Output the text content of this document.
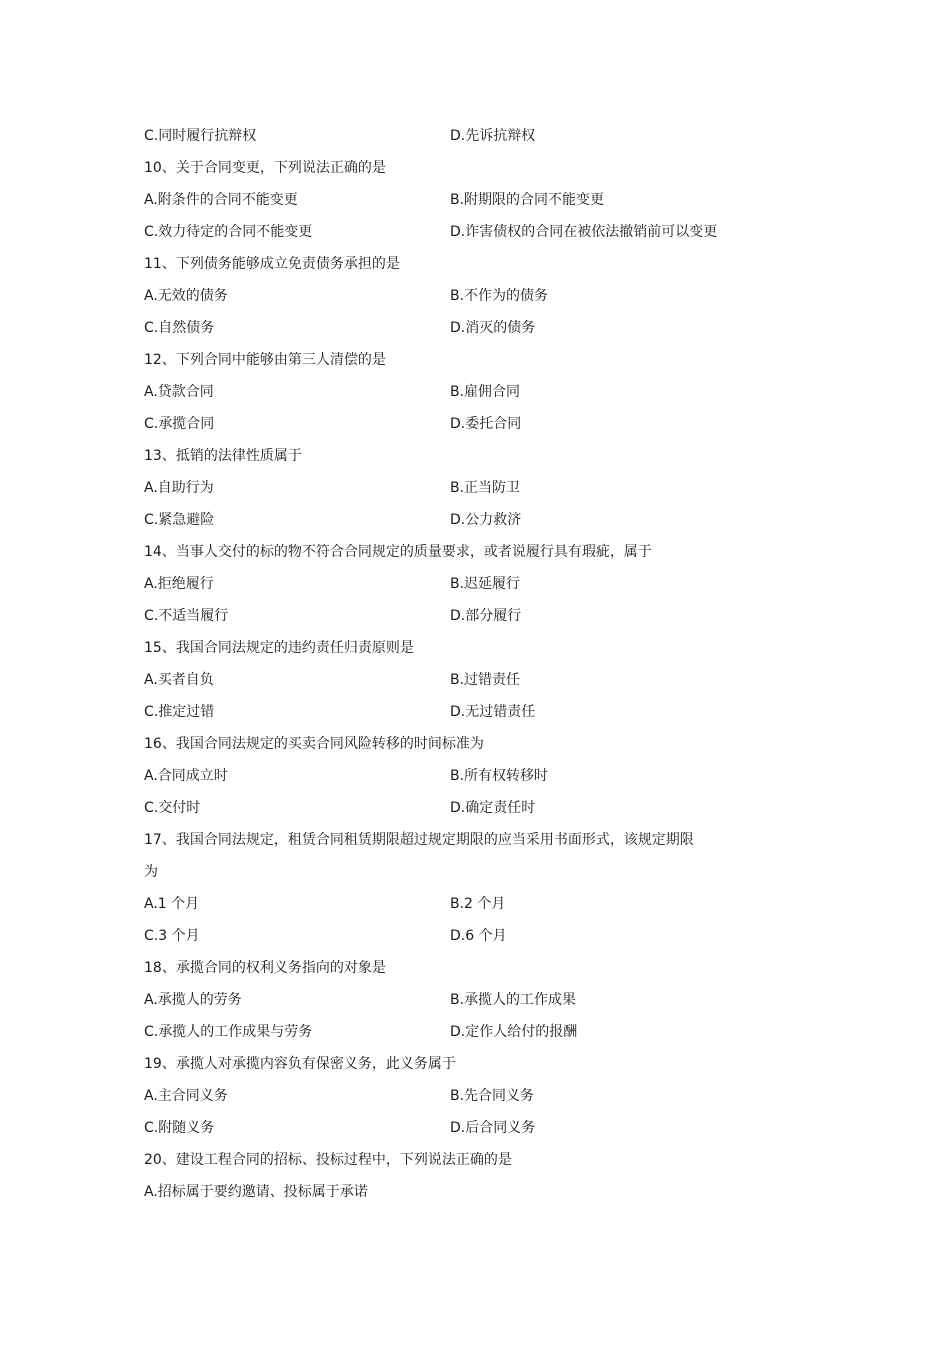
C.同时履行抗辩权	D.先诉抗辩权
10、关于合同变更，下列说法正确的是
A.附条件的合同不能变更	B.附期限的合同不能变更
C.效力待定的合同不能变更	D.诈害债权的合同在被依法撤销前可以变更
11、下列债务能够成立免责债务承担的是
A.无效的债务	B.不作为的债务
C.自然债务	D.消灭的债务
12、下列合同中能够由第三人清偿的是
A.贷款合同	B.雇佣合同
C.承揽合同	D.委托合同
13、抵销的法律性质属于
A.自助行为	B.正当防卫
C.紧急避险	D.公力救济
14、当事人交付的标的物不符合合同规定的质量要求，或者说履行具有瑕疵，属于
A.拒绝履行	B.迟延履行
C.不适当履行	D.部分履行
15、我国合同法规定的违约责任归责原则是
A.买者自负	B.过错责任
C.推定过错	D.无过错责任
16、我国合同法规定的买卖合同风险转移的时间标准为
A.合同成立时	B.所有权转移时
C.交付时	D.确定责任时
17、我国合同法规定，租赁合同租赁期限超过规定期限的应当采用书面形式，该规定期限
为
A.1 个月	B.2 个月
C.3 个月	D.6 个月
18、承揽合同的权利义务指向的对象是
A.承揽人的劳务	B.承揽人的工作成果
C.承揽人的工作成果与劳务	D.定作人给付的报酬
19、承揽人对承揽内容负有保密义务，此义务属于
A.主合同义务	B.先合同义务
C.附随义务	D.后合同义务
20、建设工程合同的招标、投标过程中，下列说法正确的是
A.招标属于要约邀请、投标属于承诺
